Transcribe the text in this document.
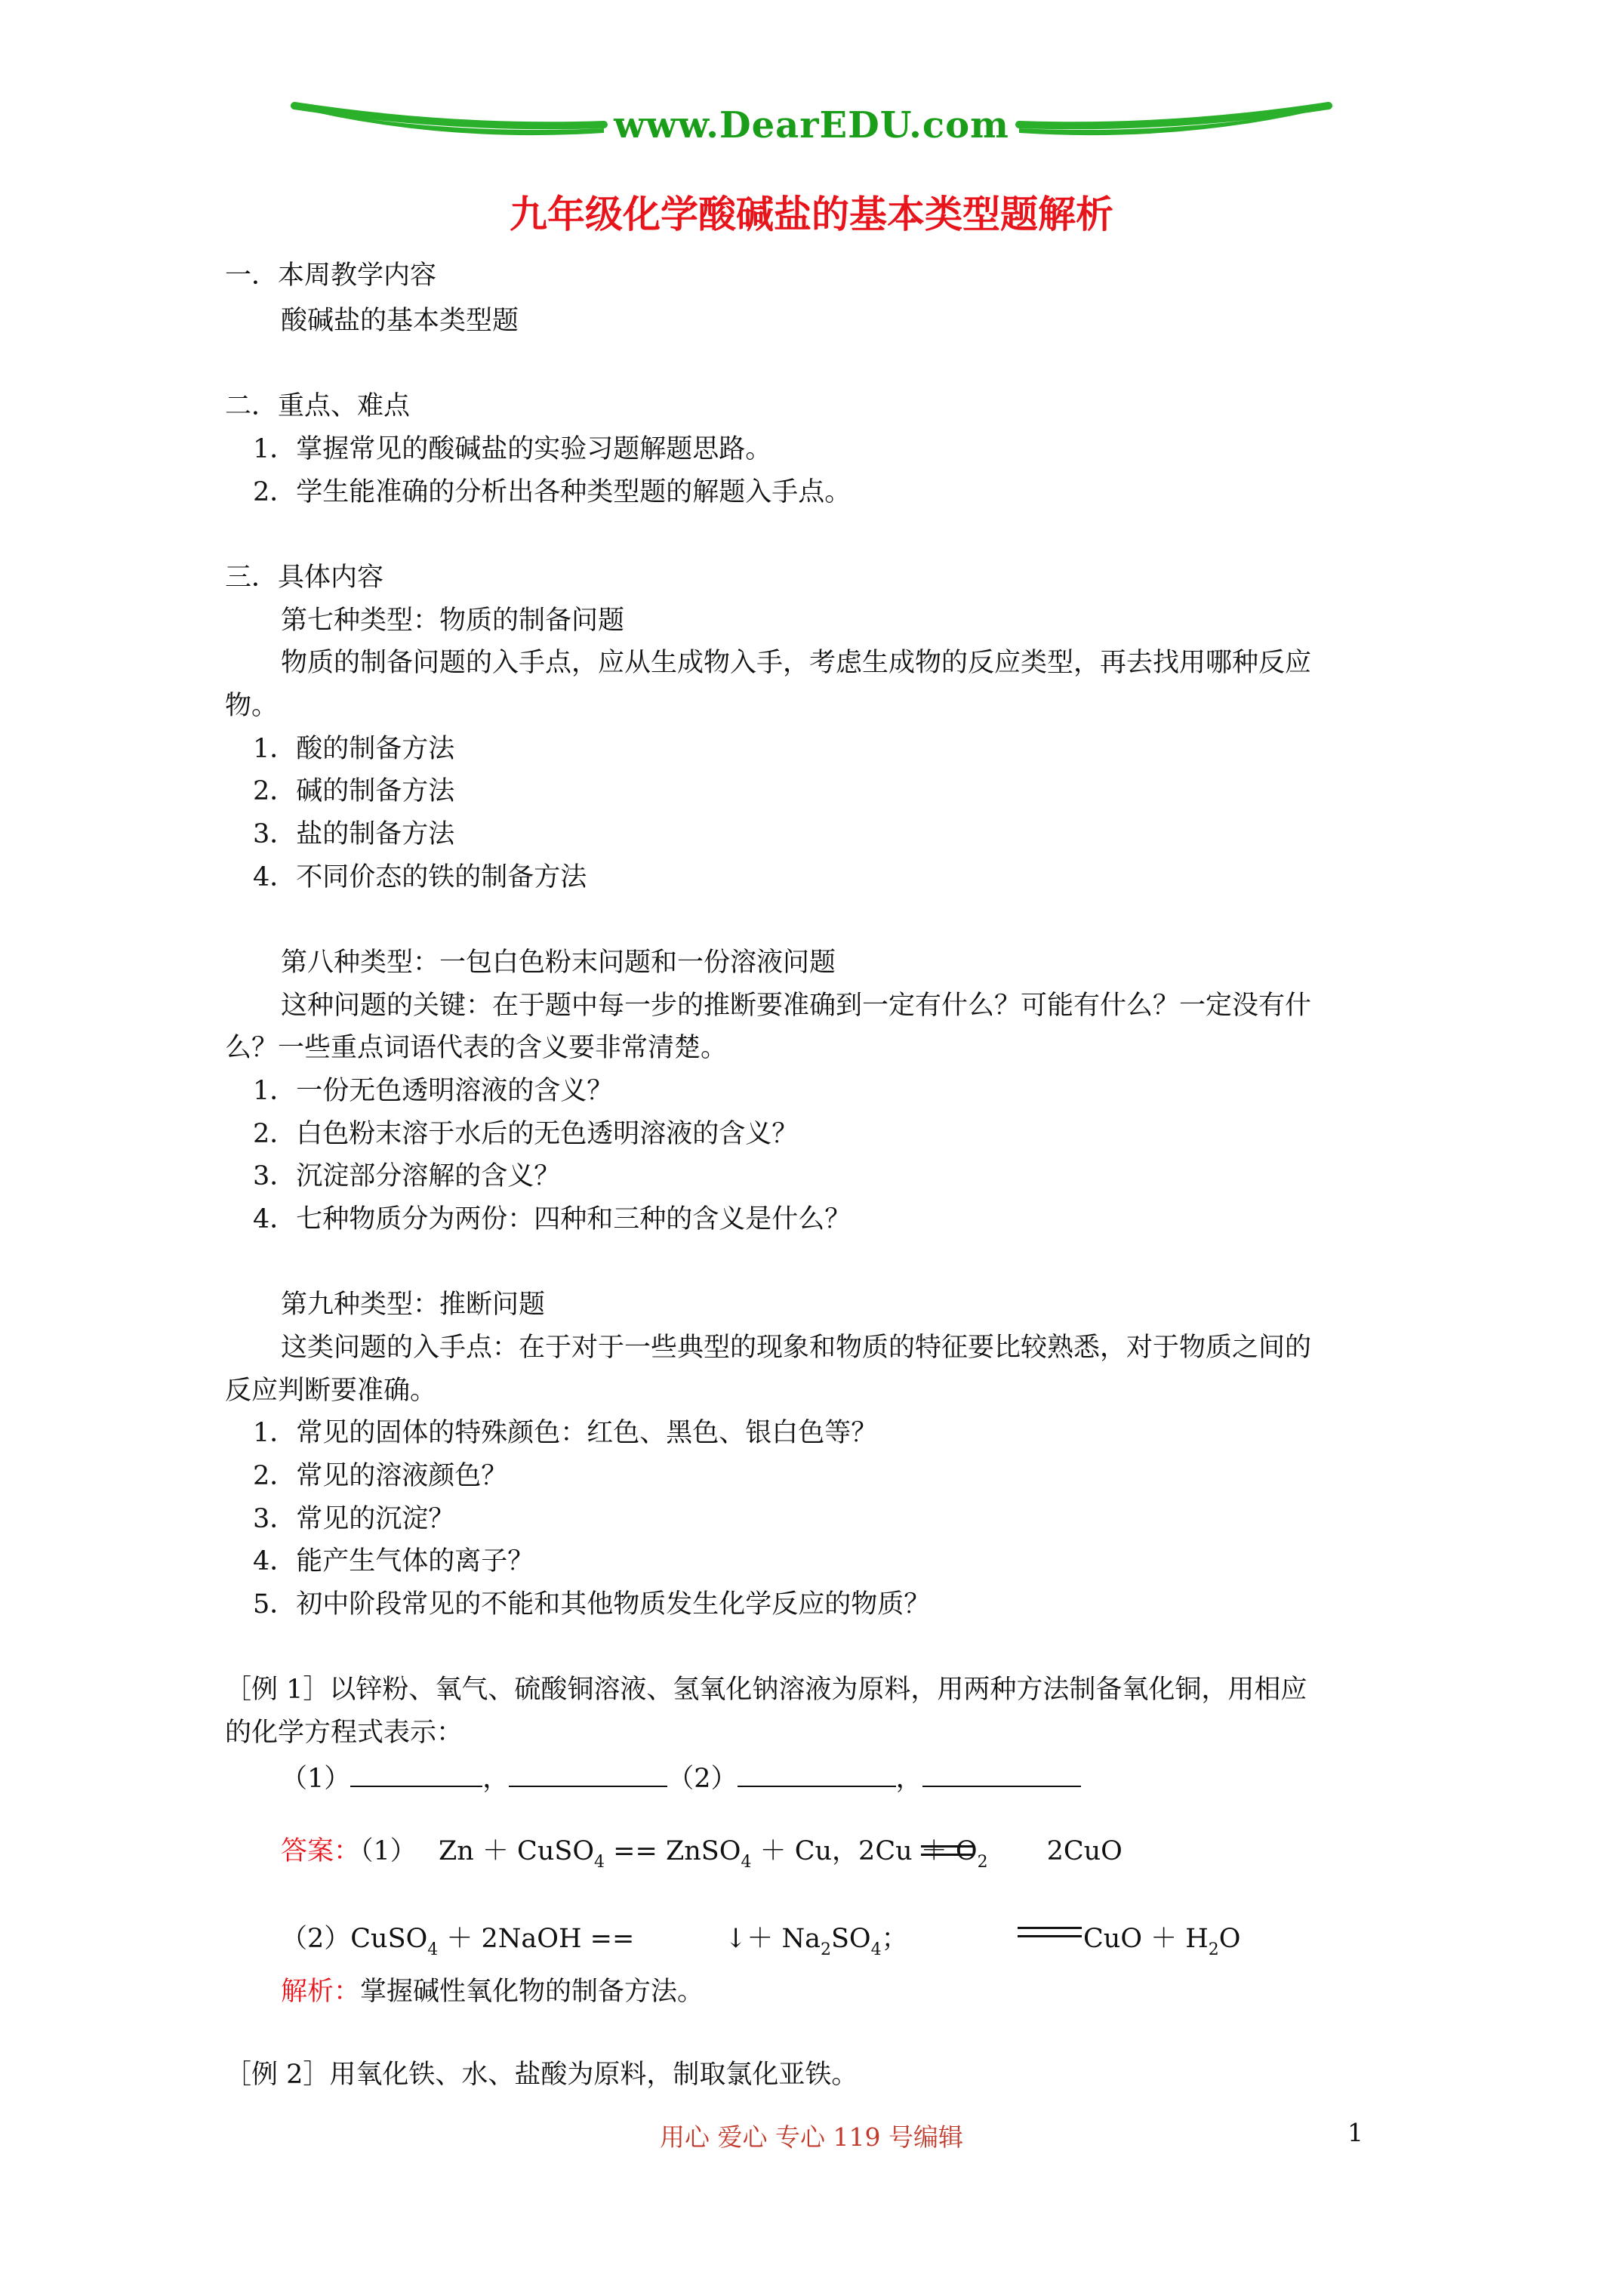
www.DearEDU.com
九年级化学酸碱盐的基本类型题解析
一．本周教学内容
酸碱盐的基本类型题
二．重点、难点
1．掌握常见的酸碱盐的实验习题解题思路。
2．学生能准确的分析出各种类型题的解题入手点。
三．具体内容
第七种类型：物质的制备问题
物质的制备问题的入手点，应从生成物入手，考虑生成物的反应类型，再去找用哪种反应
物。
1．酸的制备方法
2．碱的制备方法
3．盐的制备方法
4．不同价态的铁的制备方法
第八种类型：一包白色粉末问题和一份溶液问题
这种问题的关键：在于题中每一步的推断要准确到一定有什么？可能有什么？一定没有什
么？一些重点词语代表的含义要非常清楚。
1．一份无色透明溶液的含义？
2．白色粉末溶于水后的无色透明溶液的含义？
3．沉淀部分溶解的含义？
4．七种物质分为两份：四种和三种的含义是什么？
第九种类型：推断问题
这类问题的入手点：在于对于一些典型的现象和物质的特征要比较熟悉，对于物质之间的
反应判断要准确。
1．常见的固体的特殊颜色：红色、黑色、银白色等？
2．常见的溶液颜色？
3．常见的沉淀？
4．能产生气体的离子？
5．初中阶段常见的不能和其他物质发生化学反应的物质？
［例 1］以锌粉、氧气、硫酸铜溶液、氢氧化钠溶液为原料，用两种方法制备氧化铜，用相应
的化学方程式表示：
（1）	，	（2）	，
答案：（1） Zn ＋ CuSO$_4$ == ZnSO$_4$ ＋ Cu，$2Cu + O_2$ 2CuO
（2）CuSO$_4$ ＋ 2NaOH ==	↓＋ $Na_2SO_4$；	CuO ＋ $H_2O$
解析：掌握碱性氧化物的制备方法。
［例 2］用氧化铁、水、盐酸为原料，制取氯化亚铁。
用心 爱心 专心 119 号编辑	1
